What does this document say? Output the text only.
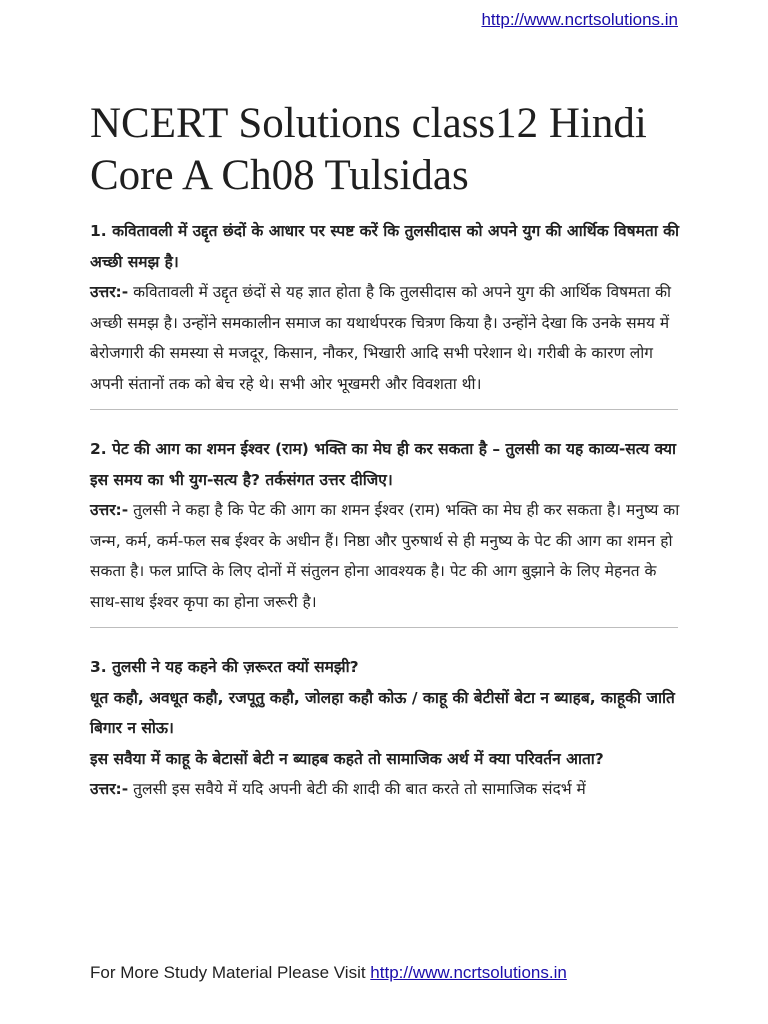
http://www.ncrtsolutions.in
NCERT Solutions class12 Hindi Core A Ch08 Tulsidas

1. कवितावली में उद्दृत छंदों के आधार पर स्पष्ट करें कि तुलसीदास को अपने युग की आर्थिक विषमता की अच्छी समझ है।

उत्तर:- कवितावली में उद्दृत छंदों से यह ज्ञात होता है कि तुलसीदास को अपने युग की आर्थिक विषमता की अच्छी समझ है। उन्होंने समकालीन समाज का यथार्थपरक चित्रण किया है। उन्होंने देखा कि उनके समय में बेरोजगारी की समस्या से मजदूर, किसान, नौकर, भिखारी आदि सभी परेशान थे। गरीबी के कारण लोग अपनी संतानों तक को बेच रहे थे। सभी ओर भूखमरी और विवशता थी।

2. पेट की आग का शमन ईश्वर (राम) भक्ति का मेघ ही कर सकता है – तुलसी का यह काव्य-सत्य क्या इस समय का भी युग-सत्य है? तर्कसंगत उत्तर दीजिए।

उत्तर:- तुलसी ने कहा है कि पेट की आग का शमन ईश्वर (राम) भक्ति का मेघ ही कर सकता है। मनुष्य का जन्म, कर्म, कर्म-फल सब ईश्वर के अधीन हैं। निष्ठा और पुरुषार्थ से ही मनुष्य के पेट की आग का शमन हो सकता है। फल प्राप्ति के लिए दोनों में संतुलन होना आवश्यक है। पेट की आग बुझाने के लिए मेहनत के साथ-साथ ईश्वर कृपा का होना जरूरी है।

3. तुलसी ने यह कहने की ज़रूरत क्यों समझी?

धूत कहौ, अवधूत कहौ, रजपूतु कहौ, जोलहा कहौ कोऊ / काहू की बेटीसों बेटा न ब्याहब, काहूकी जाति बिगार न सोऊ।

इस सवैया में काहू के बेटासों बेटी न ब्याहब कहते तो सामाजिक अर्थ में क्या परिवर्तन आता?

उत्तर:- तुलसी इस सवैये में यदि अपनी बेटी की शादी की बात करते तो सामाजिक संदर्भ में

For More Study Material Please Visit http://www.ncrtsolutions.in
